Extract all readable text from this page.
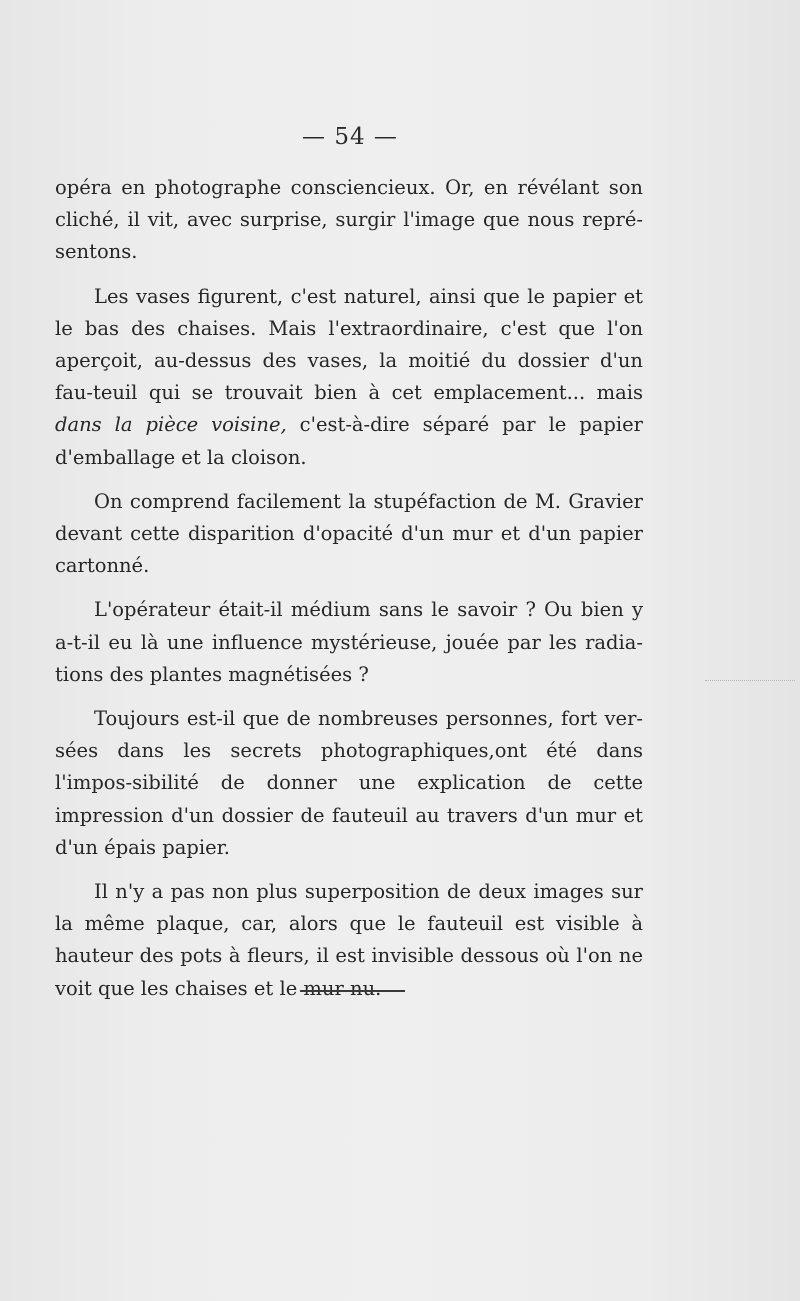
— 54 —

opéra en photographe consciencieux. Or, en révélant son cliché, il vit, avec surprise, surgir l'image que nous repré-sentons.

Les vases figurent, c'est naturel, ainsi que le papier et le bas des chaises. Mais l'extraordinaire, c'est que l'on aperçoit, au-dessus des vases, la moitié du dossier d'un fau-teuil qui se trouvait bien à cet emplacement... mais dans la pièce voisine, c'est-à-dire séparé par le papier d'emballage et la cloison.

On comprend facilement la stupéfaction de M. Gravier devant cette disparition d'opacité d'un mur et d'un papier cartonné.

L'opérateur était-il médium sans le savoir ? Ou bien y a-t-il eu là une influence mystérieuse, jouée par les radia-tions des plantes magnétisées ?

Toujours est-il que de nombreuses personnes, fort ver-sées dans les secrets photographiques,ont été dans l'impos-sibilité de donner une explication de cette impression d'un dossier de fauteuil au travers d'un mur et d'un épais papier.

Il n'y a pas non plus superposition de deux images sur la même plaque, car, alors que le fauteuil est visible à hauteur des pots à fleurs, il est invisible dessous où l'on ne voit que les chaises et le mur nu.
